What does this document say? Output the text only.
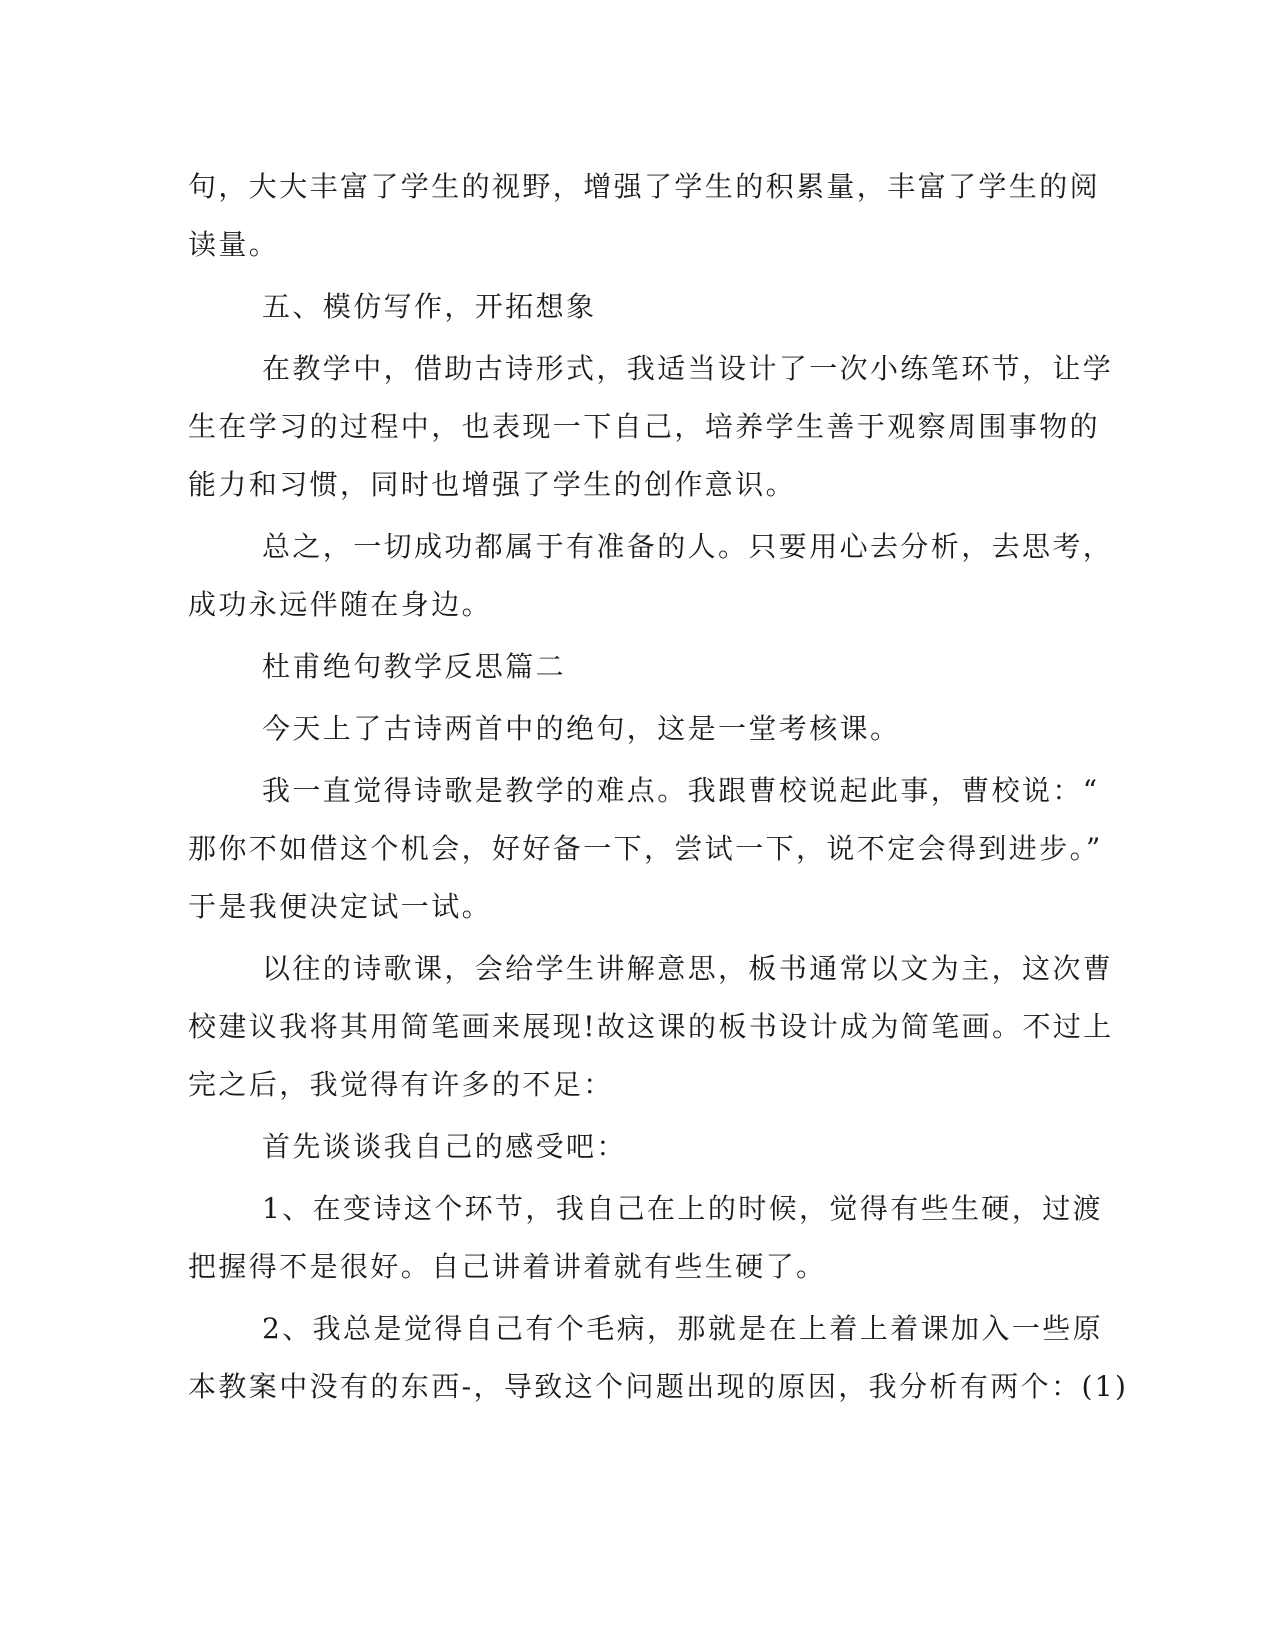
句，大大丰富了学生的视野，增强了学生的积累量，丰富了学生的阅
读量。

五、模仿写作，开拓想象

在教学中，借助古诗形式，我适当设计了一次小练笔环节，让学
生在学习的过程中，也表现一下自己，培养学生善于观察周围事物的
能力和习惯，同时也增强了学生的创作意识。

总之，一切成功都属于有准备的人。只要用心去分析，去思考，
成功永远伴随在身边。

杜甫绝句教学反思篇二

今天上了古诗两首中的绝句，这是一堂考核课。

我一直觉得诗歌是教学的难点。我跟曹校说起此事，曹校说：“
那你不如借这个机会，好好备一下，尝试一下，说不定会得到进步。”
于是我便决定试一试。

以往的诗歌课，会给学生讲解意思，板书通常以文为主，这次曹
校建议我将其用简笔画来展现!故这课的板书设计成为简笔画。不过上
完之后，我觉得有许多的不足：

首先谈谈我自己的感受吧：

1、在变诗这个环节，我自己在上的时候，觉得有些生硬，过渡
把握得不是很好。自己讲着讲着就有些生硬了。

2、我总是觉得自己有个毛病，那就是在上着上着课加入一些原
本教案中没有的东西-，导致这个问题出现的原因，我分析有两个：(1)
